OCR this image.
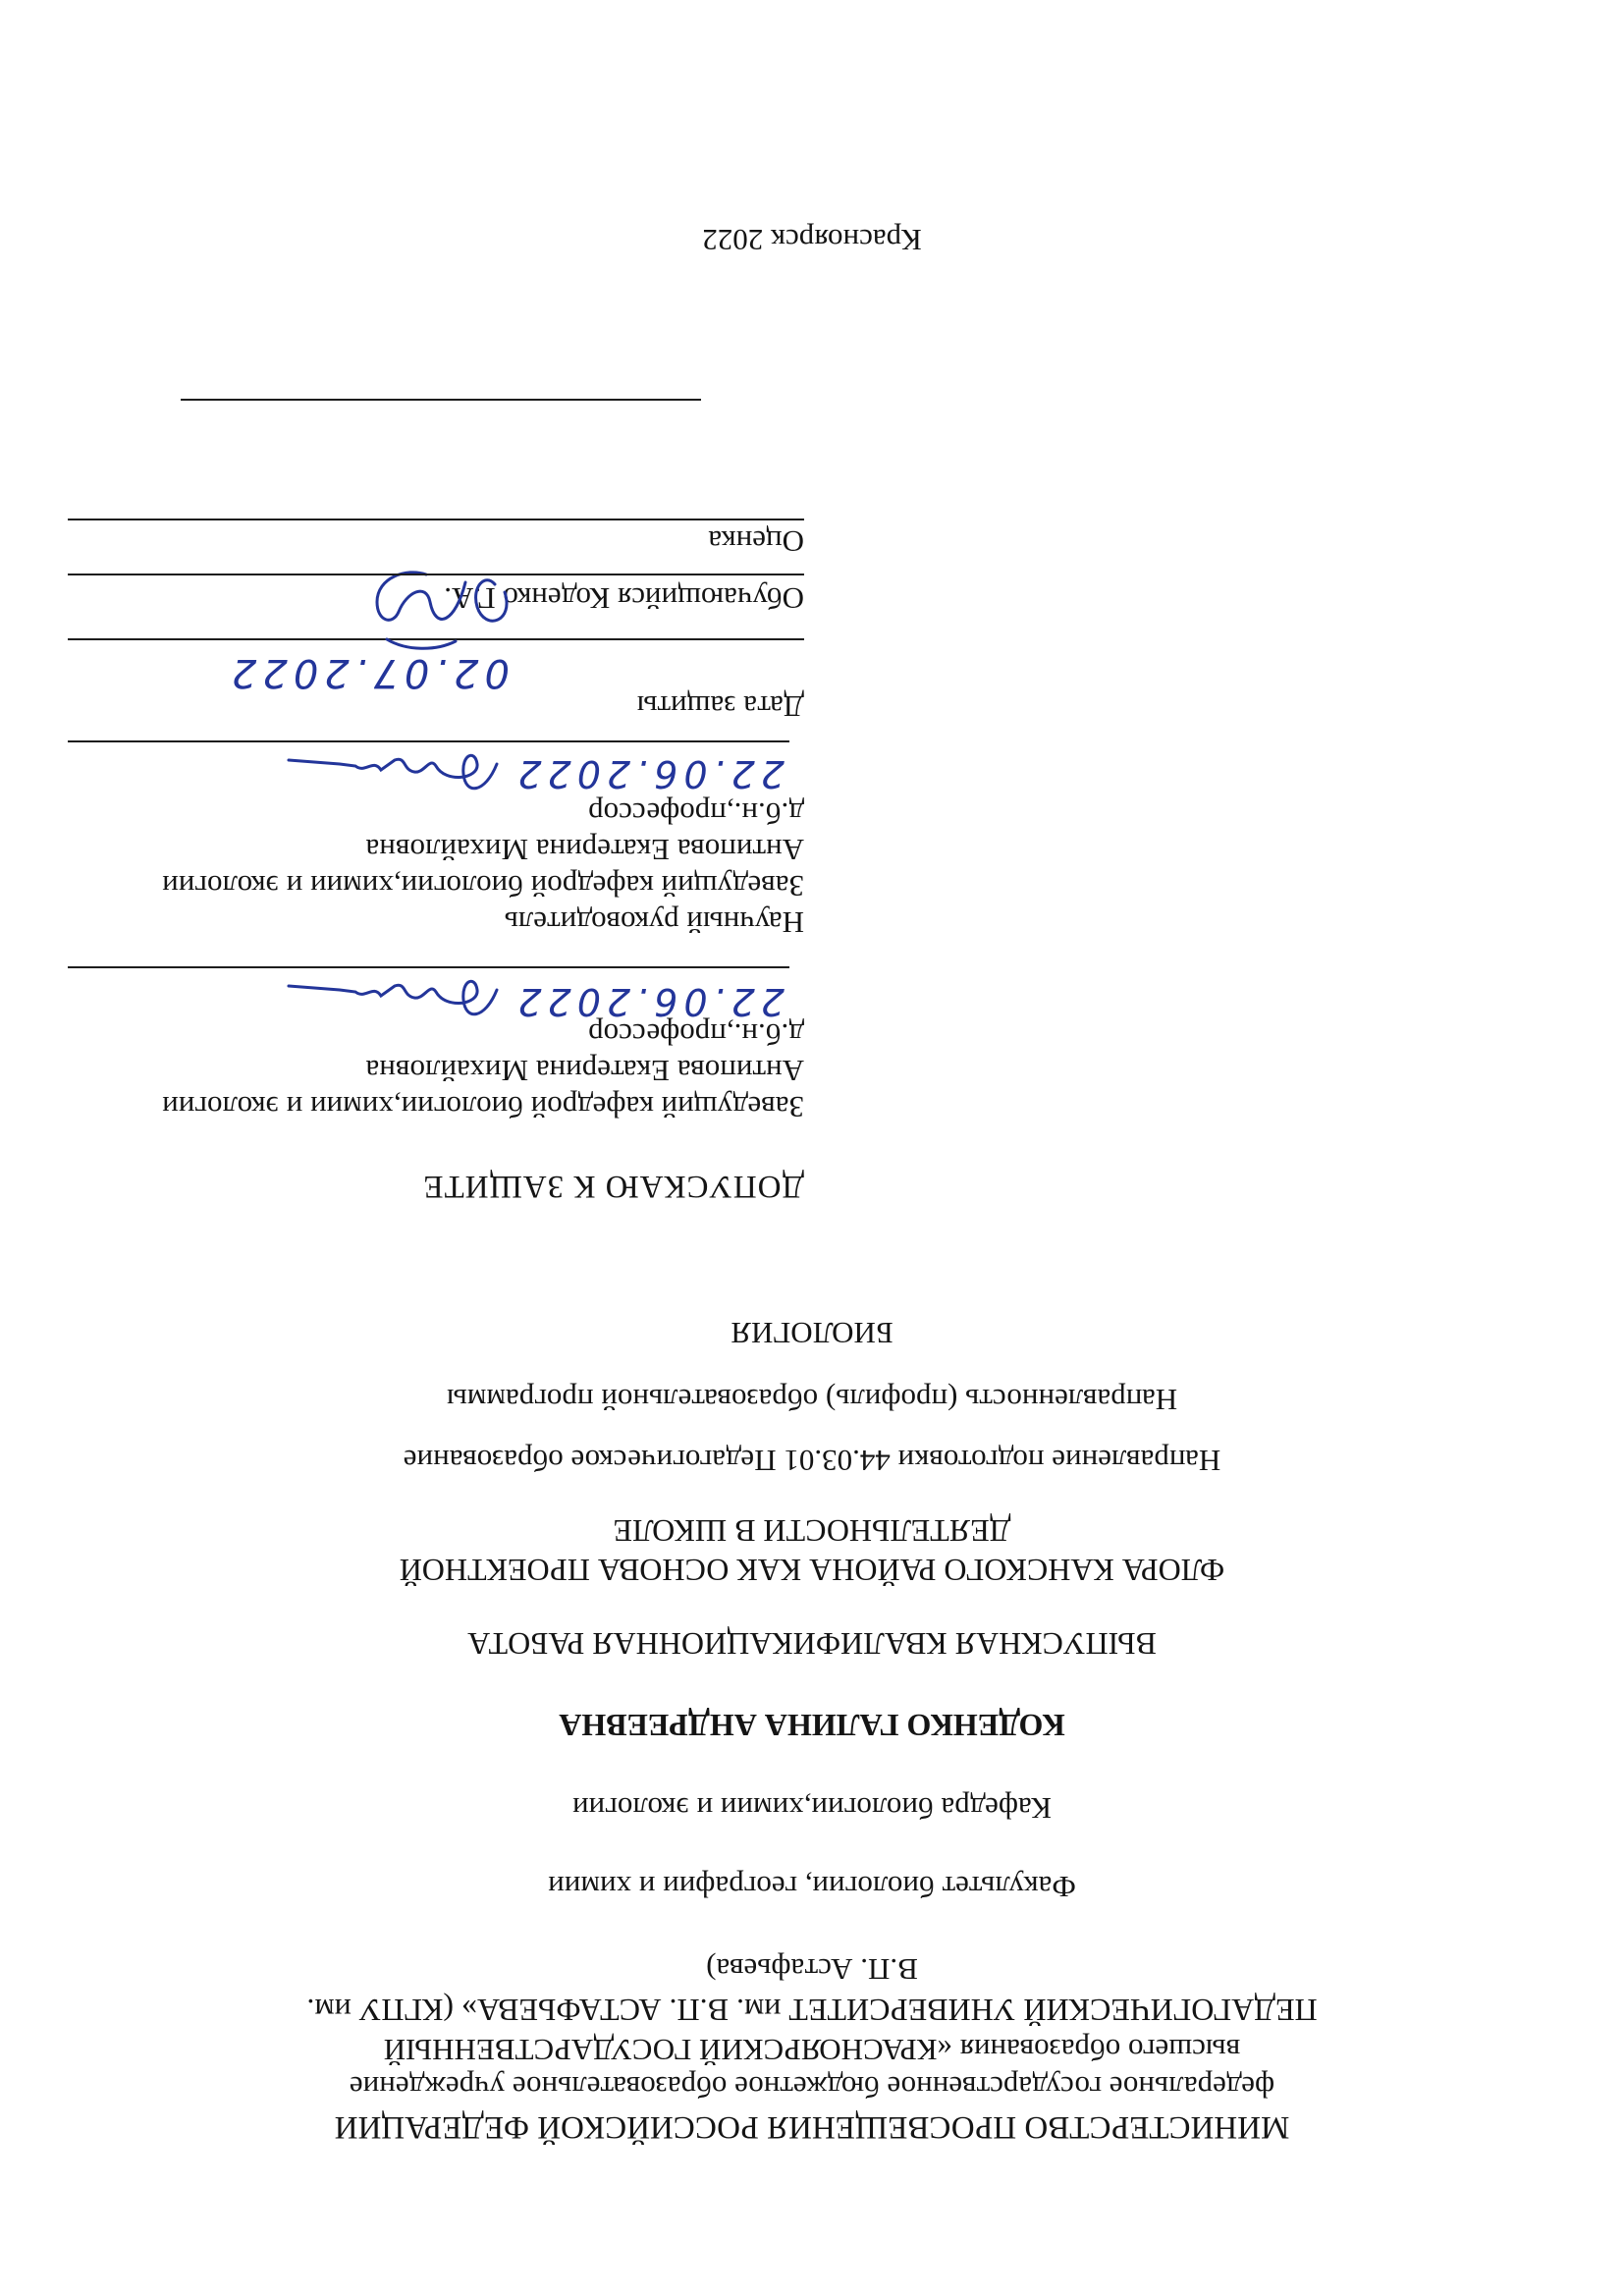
МИНИСТЕРСТВО ПРОСВЕЩЕНИЯ РОССИЙСКОЙ ФЕДЕРАЦИИ
федеральное государственное бюджетное образовательное учреждение
высшего образования «КРАСНОЯРСКИЙ ГОСУДАРСТВЕННЫЙ
ПЕДАГОГИЧЕСКИЙ УНИВЕРСИТЕТ им. В.П. АСТАФЬЕВА» (КГПУ им.
В.П. Астафьева)
Факультет биологии, географии и химии
Кафедра биологии,химии и экологии
КОДЕНКО ГАЛИНА АНДРЕЕВНА
ВЫПУСКНАЯ КВАЛИФИКАЦИОННАЯ РАБОТА
ФЛОРА КАНСКОГО РАЙОНА КАК ОСНОВА ПРОЕКТНОЙ
ДЕЯТЕЛЬНОСТИ В ШКОЛЕ
Направление подготовки 44.03.01 Педагогическое образование
Направленность (профиль) образовательной программы
БИОЛОГИЯ
ДОПУСКАЮ К ЗАЩИТЕ
Заведущий кафедрой биологии,химии и экологии
Антипова Екатерина Михайловна
д.б.н.,профессор
22.06.2022
Научный руководитель
Заведущий кафедрой биологии,химии и экологии
Антипова Екатерина Михайловна
д.б.н.,профессор
22.06.2022
Дата защиты
02.07.2022
Обучающийся Коденко Г.А.
Оценка
Красноярск 2022
